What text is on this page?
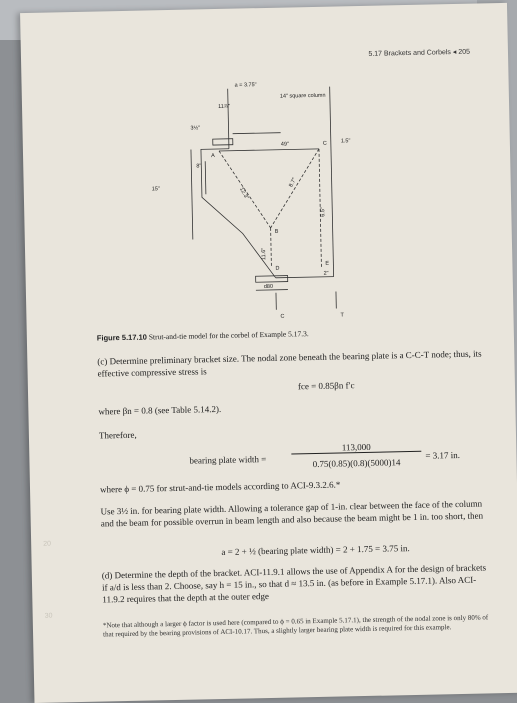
5.17 Brackets and Corbels ◂ 205
a = 3.75"
14" square column
11⅞"
3½"
15"
8"
49"
1.5"
12.3"
8.7"
6.5"
11.6"
A
C
B
D
E
2"
d80
C	T
Figure 5.17.10 Strut-and-tie model for the corbel of Example 5.17.3.
(c) Determine preliminary bracket size. The nodal zone beneath the bearing plate is a C-C-T node; thus, its effective compressive stress is
fce = 0.85βn f′c
where βn = 0.8 (see Table 5.14.2).
Therefore,
bearing plate width =
113,000
0.75(0.85)(0.8)(5000)14
= 3.17 in.
where ϕ = 0.75 for strut-and-tie models according to ACI-9.3.2.6.*
Use 3½ in. for bearing plate width. Allowing a tolerance gap of 1-in. clear between the face of the column and the beam for possible overrun in beam length and also because the beam might be 1 in. too short, then
a = 2 + ½ (bearing plate width) = 2 + 1.75 = 3.75 in.
(d) Determine the depth of the bracket. ACI-11.9.1 allows the use of Appendix A for the design of brackets if a/d is less than 2. Choose, say h = 15 in., so that d ≈ 13.5 in. (as before in Example 5.17.1). Also ACI-11.9.2 requires that the depth at the outer edge
*Note that although a larger ϕ factor is used here (compared to ϕ = 0.65 in Example 5.17.1), the strength of the nodal zone is only 80% of that required by the bearing provisions of ACI-10.17. Thus, a slightly larger bearing plate width is required for this example.
20
30
